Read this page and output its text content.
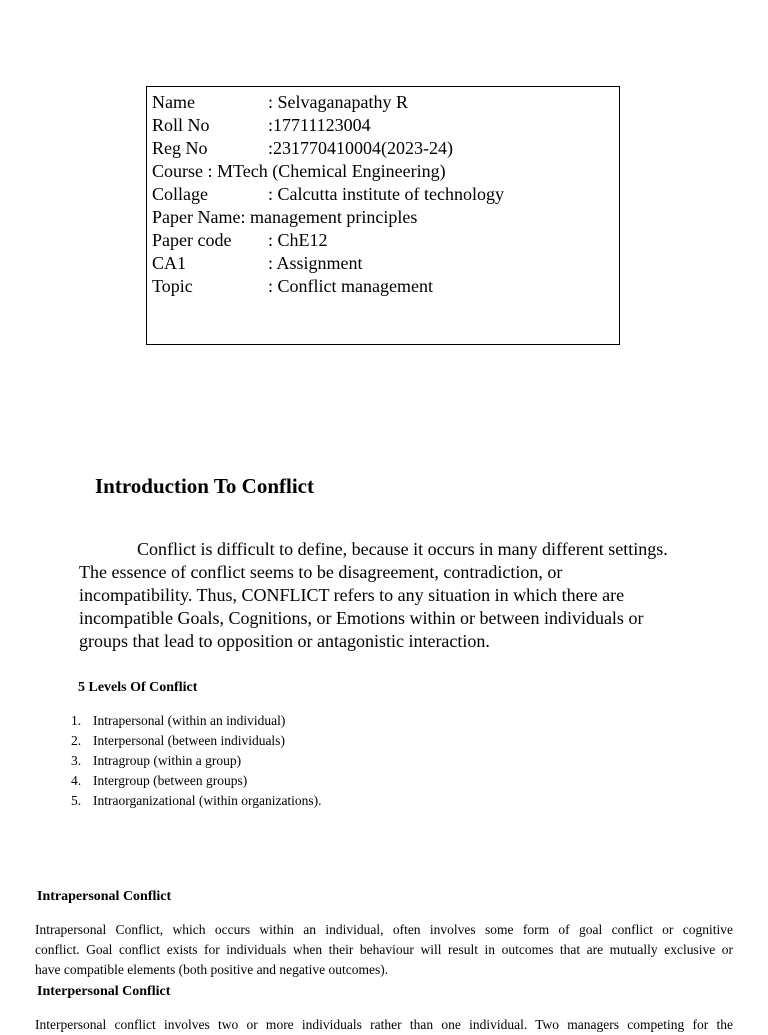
Name	: Selvaganapathy R
Roll No	:17711123004
Reg No	:231770410004(2023-24)
Course : MTech (Chemical Engineering)
Collage	: Calcutta institute of technology
Paper Name: management principles
Paper code : ChE12
CA1	: Assignment
Topic	: Conflict management
Introduction To Conflict
Conflict is difficult to define, because it occurs in many different settings.
The essence of conflict seems to be disagreement, contradiction, or
incompatibility. Thus, CONFLICT refers to any situation in which there are
incompatible Goals, Cognitions, or Emotions within or between individuals or
groups that lead to opposition or antagonistic interaction.
5 Levels Of Conflict
1. Intrapersonal (within an individual)
2. Interpersonal (between individuals)
3. Intragroup (within a group)
4. Intergroup (between groups)
5. Intraorganizational (within organizations).
Intrapersonal Conflict
Intrapersonal Conflict, which occurs within an individual, often involves some form of goal conflict or cognitive
conflict. Goal conflict exists for individuals when their behaviour will result in outcomes that are mutually exclusive or
have compatible elements (both positive and negative outcomes).
Interpersonal Conflict
Interpersonal conflict involves two or more individuals rather than one individual. Two managers competing for the
